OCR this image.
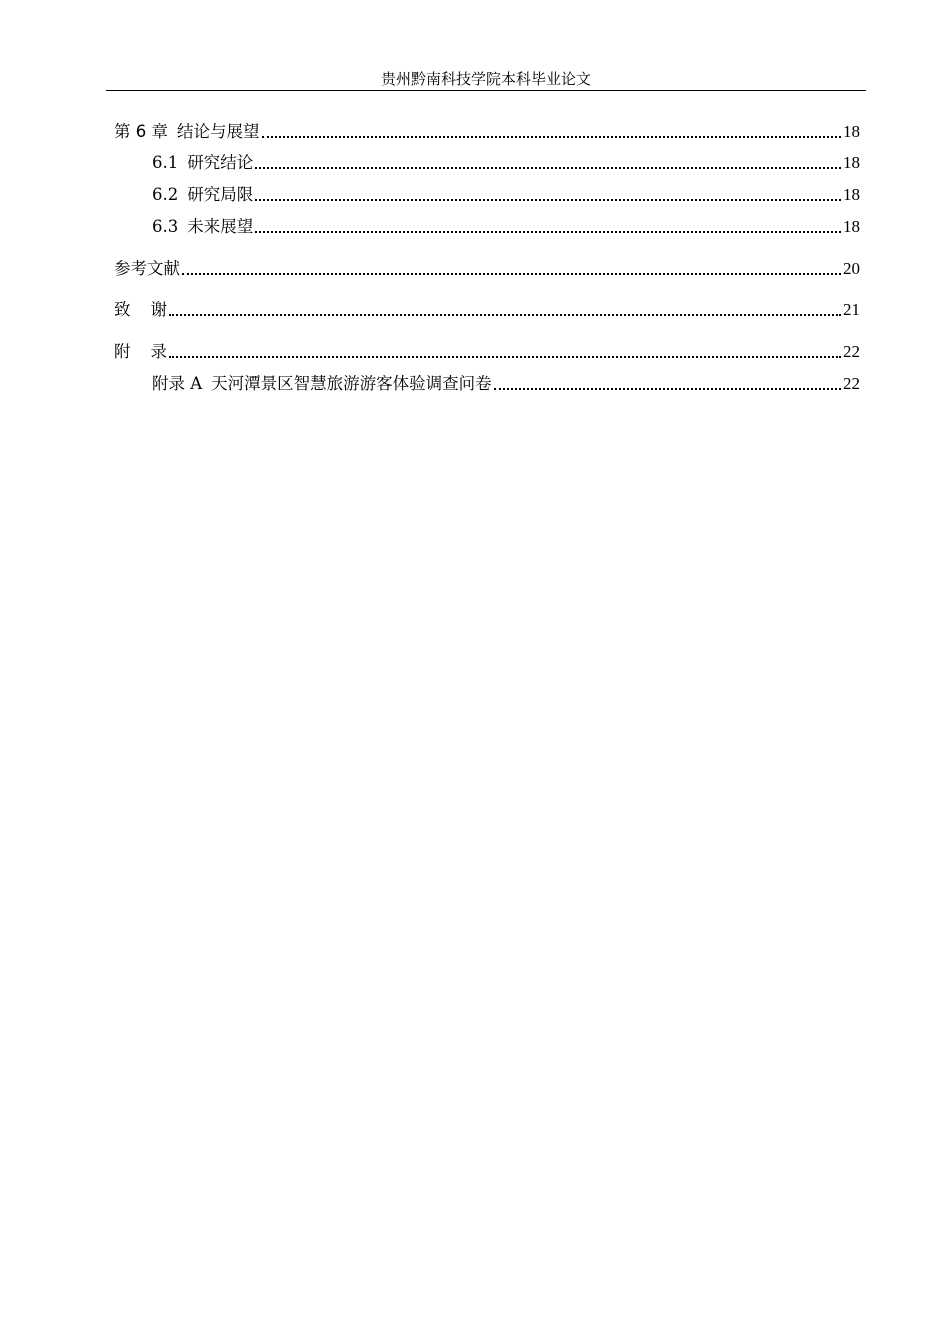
贵州黔南科技学院本科毕业论文
第 6 章 结论与展望	18
6.1 研究结论	18
6.2 研究局限	18
6.3 未来展望	18
参考文献	20
致 谢	21
附 录	22
附录 A 天河潭景区智慧旅游游客体验调查问卷	22
